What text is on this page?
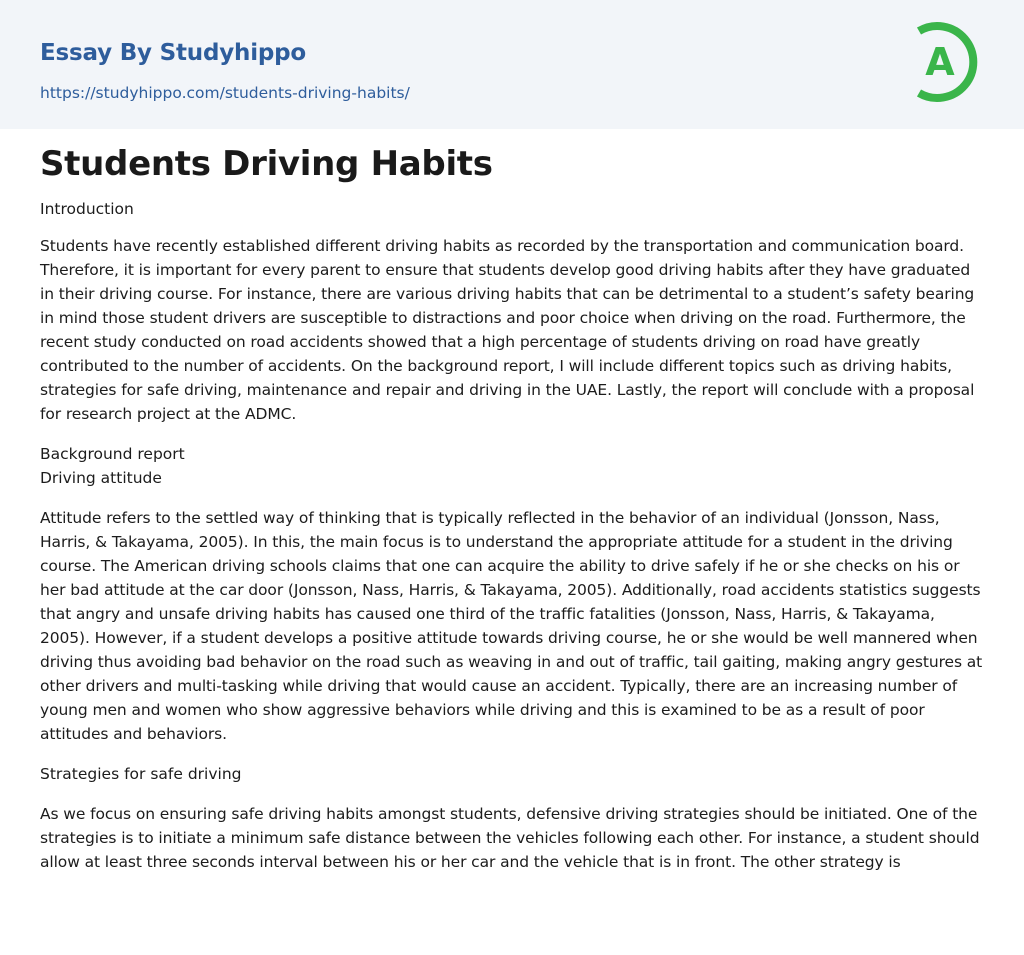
Essay By Studyhippo
https://studyhippo.com/students-driving-habits/
A
Students Driving Habits

Introduction

Students have recently established different driving habits as recorded by the transportation and communication board. Therefore, it is important for every parent to ensure that students develop good driving habits after they have graduated in their driving course. For instance, there are various driving habits that can be detrimental to a student’s safety bearing in mind those student drivers are susceptible to distractions and poor choice when driving on the road. Furthermore, the recent study conducted on road accidents showed that a high percentage of students driving on road have greatly contributed to the number of accidents. On the background report, I will include different topics such as driving habits, strategies for safe driving, maintenance and repair and driving in the UAE. Lastly, the report will conclude with a proposal for research project at the ADMC.

Background report

Driving attitude

Attitude refers to the settled way of thinking that is typically reflected in the behavior of an individual (Jonsson, Nass, Harris, & Takayama, 2005). In this, the main focus is to understand the appropriate attitude for a student in the driving course. The American driving schools claims that one can acquire the ability to drive safely if he or she checks on his or her bad attitude at the car door (Jonsson, Nass, Harris, & Takayama, 2005). Additionally, road accidents statistics suggests that angry and unsafe driving habits has caused one third of the traffic fatalities (Jonsson, Nass, Harris, & Takayama, 2005). However, if a student develops a positive attitude towards driving course, he or she would be well mannered when driving thus avoiding bad behavior on the road such as weaving in and out of traffic, tail gaiting, making angry gestures at other drivers and multi-tasking while driving that would cause an accident. Typically, there are an increasing number of young men and women who show aggressive behaviors while driving and this is examined to be as a result of poor attitudes and behaviors.

Strategies for safe driving

As we focus on ensuring safe driving habits amongst students, defensive driving strategies should be initiated. One of the strategies is to initiate a minimum safe distance between the vehicles following each other. For instance, a student should allow at least three seconds interval between his or her car and the vehicle that is in front. The other strategy is
